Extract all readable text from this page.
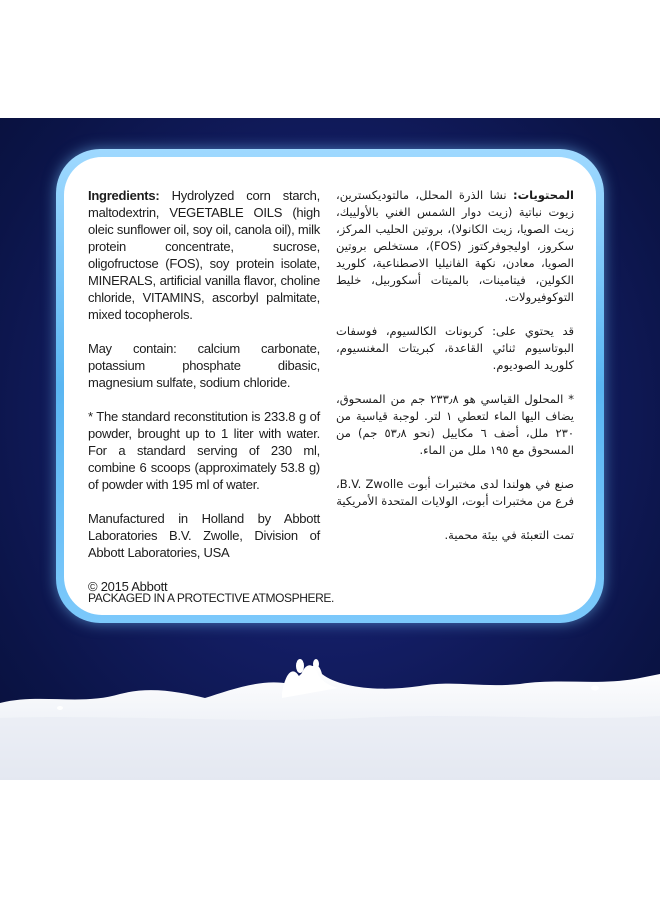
Ingredients: Hydrolyzed corn starch, maltodextrin, VEGETABLE OILS (high oleic sunflower oil, soy oil, canola oil), milk protein concentrate, sucrose, oligofructose (FOS), soy protein isolate, MINERALS, artificial vanilla flavor, choline chloride, VITAMINS, ascorbyl palmitate, mixed tocopherols.

May contain: calcium carbonate, potassium phosphate dibasic, magnesium sulfate, sodium chloride.

* The standard reconstitution is 233.8 g of powder, brought up to 1 liter with water. For a standard serving of 230 ml, combine 6 scoops (approximately 53.8 g) of powder with 195 ml of water.

Manufactured in Holland by Abbott Laboratories B.V. Zwolle, Division of Abbott Laboratories, USA

© 2015 Abbott

المحتويات: نشا الذرة المحلل، مالتوديكسترين، زيوت نباتية (زيت دوار الشمس الغني بالأولييك، زيت الصويا، زيت الكانولا)، بروتين الحليب المركز، سكروز، اوليجوفركتوز (FOS)، مستخلص بروتين الصويا، معادن، نكهة الفانيليا الاصطناعية، كلوريد الكولين، فيتامينات، بالميتات أسكوربيل، خليط التوكوفيرولات.

قد يحتوي على: كربونات الكالسيوم، فوسفات البوتاسيوم ثنائي القاعدة، كبريتات المغنسيوم، كلوريد الصوديوم.

* المحلول القياسي هو ٢٣٣٫٨ جم من المسحوق، يضاف اليها الماء لتعطي ١ لتر. لوجبة قياسية من ٢٣٠ ملل، أضف ٦ مكاييل (نحو ٥٣٫٨ جم) من المسحوق مع ١٩٥ ملل من الماء.

صنع في هولندا لدى مختبرات أبوت B.V. Zwolle، فرع من مختبرات أبوت، الولايات المتحدة الأمريكية

تمت التعبئة في بيئة محمية.

PACKAGED IN A PROTECTIVE ATMOSPHERE.
